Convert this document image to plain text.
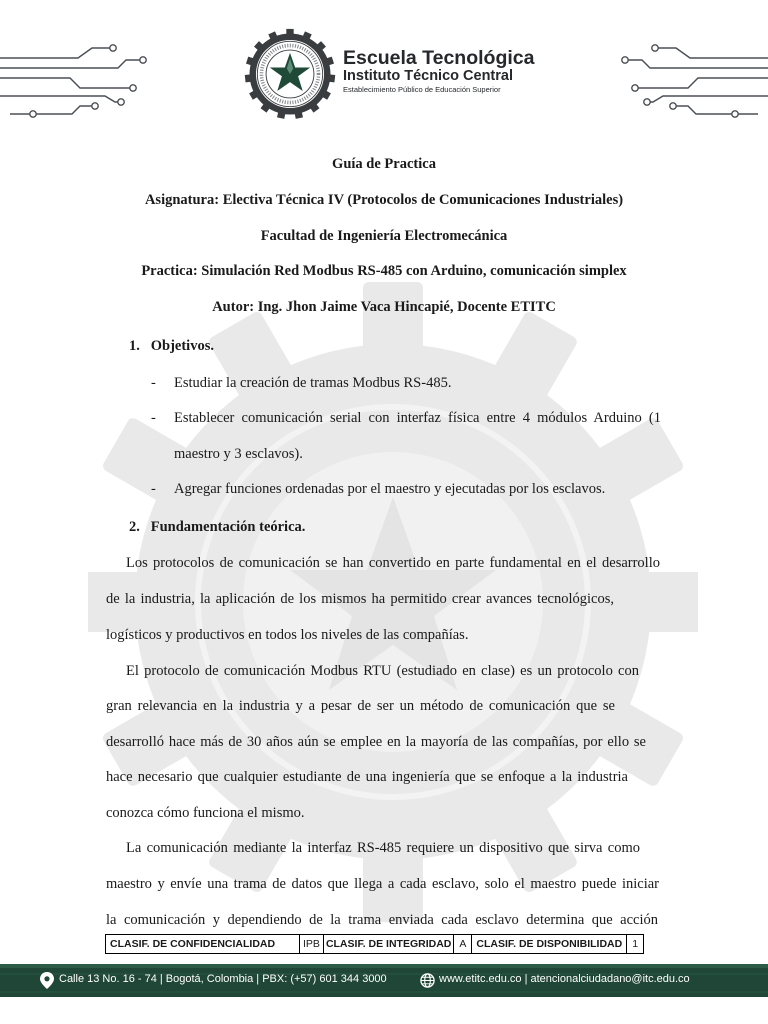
Escuela Tecnológica
Instituto Técnico Central
Establecimiento Público de Educación Superior
Guía de Practica
Asignatura: Electiva Técnica IV (Protocolos de Comunicaciones Industriales)
Facultad de Ingeniería Electromecánica
Practica: Simulación Red Modbus RS-485 con Arduino, comunicación simplex
Autor: Ing. Jhon Jaime Vaca Hincapié, Docente ETITC
1.   Objetivos.
- Estudiar la creación de tramas Modbus RS-485.
- Establecer comunicación serial con interfaz física entre 4 módulos Arduino (1
maestro y 3 esclavos).
- Agregar funciones ordenadas por el maestro y ejecutadas por los esclavos.
2.   Fundamentación teórica.
Los protocolos de comunicación se han convertido en parte fundamental en el desarrollo
de la industria, la aplicación de los mismos ha permitido crear avances tecnológicos,
logísticos y productivos en todos los niveles de las compañías.
El protocolo de comunicación Modbus RTU (estudiado en clase) es un protocolo con
gran relevancia en la industria y a pesar de ser un método de comunicación que se
desarrolló hace más de 30 años aún se emplee en la mayoría de las compañías, por ello se
hace necesario que cualquier estudiante de una ingeniería que se enfoque a la industria
conozca cómo funciona el mismo.
La comunicación mediante la interfaz RS-485 requiere un dispositivo que sirva como
maestro y envíe una trama de datos que llega a cada esclavo, solo el maestro puede iniciar
la comunicación y dependiendo de la trama enviada cada esclavo determina que acción
CLASIF. DE CONFIDENCIALIDAD	IPB	CLASIF. DE INTEGRIDAD	A	CLASIF. DE DISPONIBILIDAD	1
Calle 13 No. 16 - 74 | Bogotá, Colombia | PBX: (+57) 601 344 3000	www.etitc.edu.co | atencionalciudadano@itc.edu.co
